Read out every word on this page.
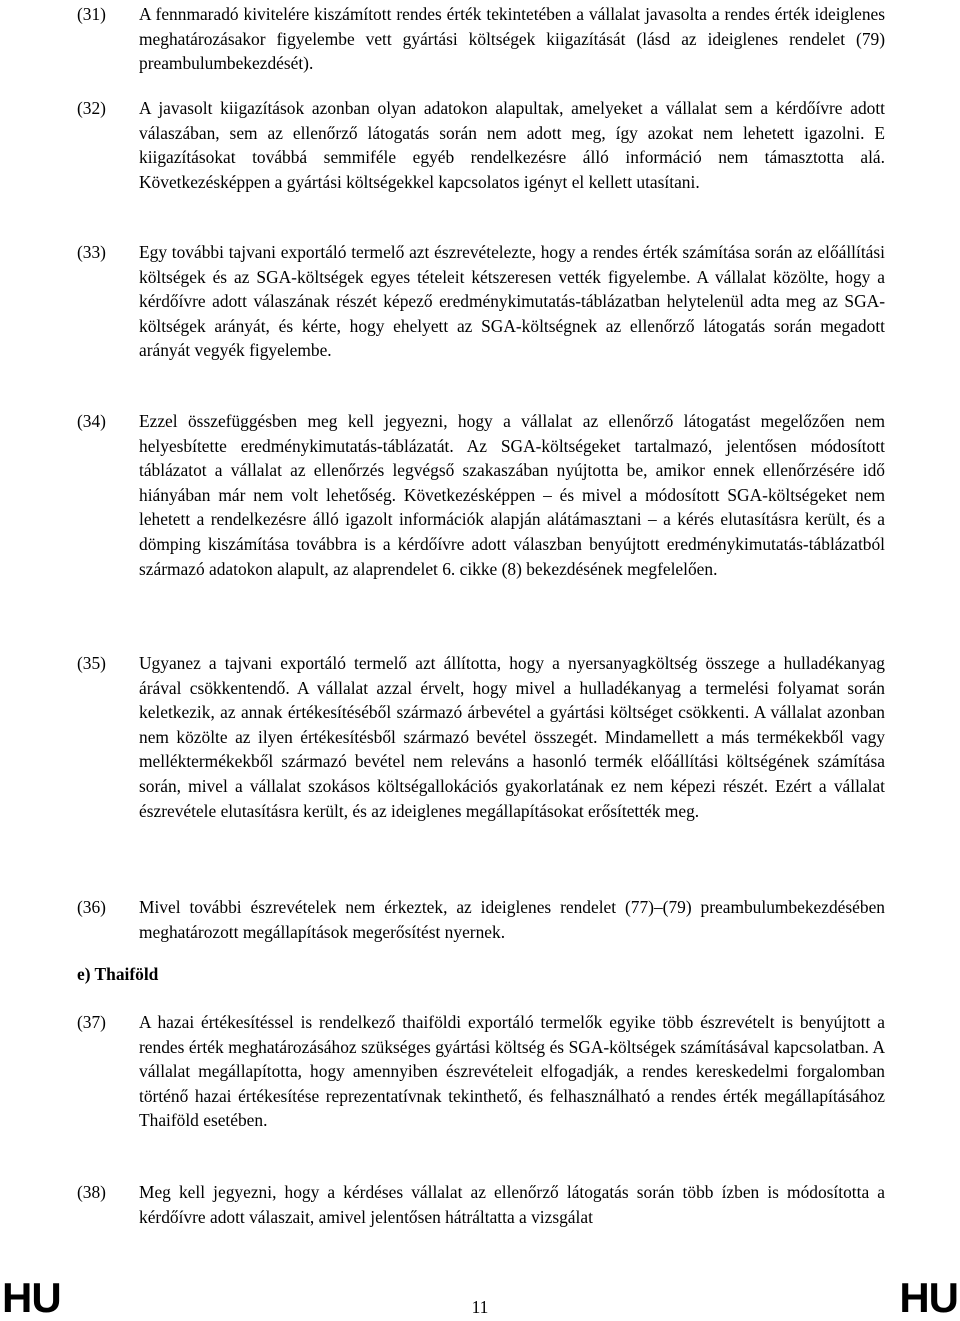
(31)	A fennmaradó kivitelére kiszámított rendes érték tekintetében a vállalat javasolta a rendes érték ideiglenes meghatározásakor figyelembe vett gyártási költségek kiigazítását (lásd az ideiglenes rendelet (79) preambulumbekezdését).
(32)	A javasolt kiigazítások azonban olyan adatokon alapultak, amelyeket a vállalat sem a kérdőívre adott válaszában, sem az ellenőrző látogatás során nem adott meg, így azokat nem lehetett igazolni. E kiigazításokat továbbá semmiféle egyéb rendelkezésre álló információ nem támasztotta alá. Következésképpen a gyártási költségekkel kapcsolatos igényt el kellett utasítani.
(33)	Egy további tajvani exportáló termelő azt észrevételezte, hogy a rendes érték számítása során az előállítási költségek és az SGA-költségek egyes tételeit kétszeresen vették figyelembe. A vállalat közölte, hogy a kérdőívre adott válaszának részét képező eredménykimutatás-táblázatban helytelenül adta meg az SGA-költségek arányát, és kérte, hogy ehelyett az SGA-költségnek az ellenőrző látogatás során megadott arányát vegyék figyelembe.
(34)	Ezzel összefüggésben meg kell jegyezni, hogy a vállalat az ellenőrző látogatást megelőzően nem helyesbítette eredménykimutatás-táblázatát. Az SGA-költségeket tartalmazó, jelentősen módosított táblázatot a vállalat az ellenőrzés legvégső szakaszában nyújtotta be, amikor ennek ellenőrzésére idő hiányában már nem volt lehetőség. Következésképpen – és mivel a módosított SGA-költségeket nem lehetett a rendelkezésre álló igazolt információk alapján alátámasztani – a kérés elutasításra került, és a dömping kiszámítása továbbra is a kérdőívre adott válaszban benyújtott eredménykimutatás-táblázatból származó adatokon alapult, az alaprendelet 6. cikke (8) bekezdésének megfelelően.
(35)	Ugyanez a tajvani exportáló termelő azt állította, hogy a nyersanyagköltség összege a hulladékanyag árával csökkentendő. A vállalat azzal érvelt, hogy mivel a hulladékanyag a termelési folyamat során keletkezik, az annak értékesítéséből származó árbevétel a gyártási költséget csökkenti. A vállalat azonban nem közölte az ilyen értékesítésből származó bevétel összegét. Mindamellett a más termékekből vagy melléktermékekből származó bevétel nem releváns a hasonló termék előállítási költségének számítása során, mivel a vállalat szokásos költségallokációs gyakorlatának ez nem képezi részét. Ezért a vállalat észrevétele elutasításra került, és az ideiglenes megállapításokat erősítették meg.
(36)	Mivel további észrevételek nem érkeztek, az ideiglenes rendelet (77)–(79) preambulumbekezdésében meghatározott megállapítások megerősítést nyernek.
e) Thaiföld
(37)	A hazai értékesítéssel is rendelkező thaiföldi exportáló termelők egyike több észrevételt is benyújtott a rendes érték meghatározásához szükséges gyártási költség és SGA-költségek számításával kapcsolatban. A vállalat megállapította, hogy amennyiben észrevételeit elfogadják, a rendes kereskedelmi forgalomban történő hazai értékesítése reprezentatívnak tekinthető, és felhasználható a rendes érték megállapításához Thaiföld esetében.
(38)	Meg kell jegyezni, hogy a kérdéses vállalat az ellenőrző látogatás során több ízben is módosította a kérdőívre adott válaszait, amivel jelentősen hátráltatta a vizsgálat
HU	11	HU
